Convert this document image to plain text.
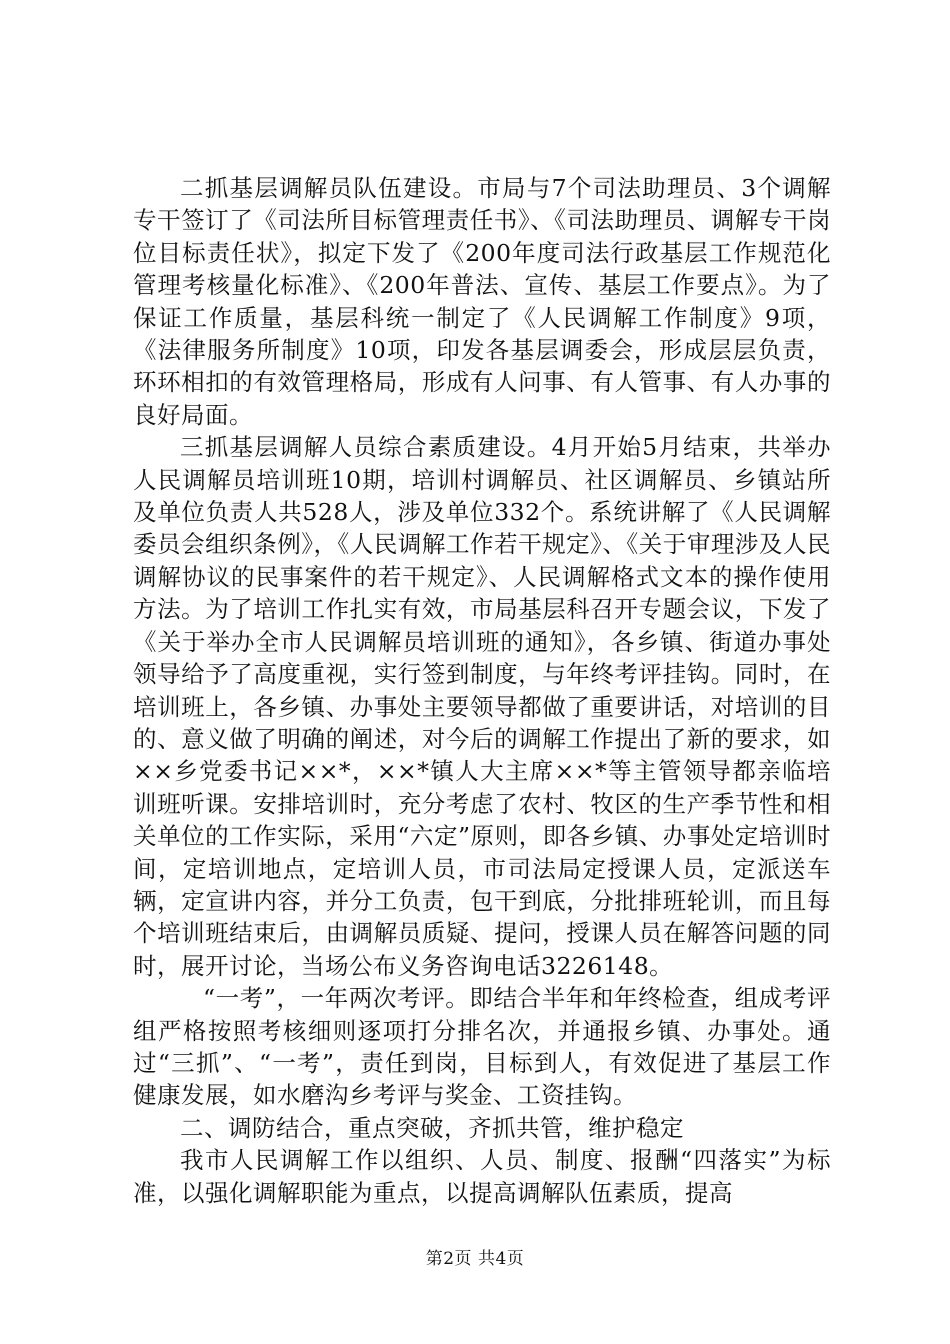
二抓基层调解员队伍建设。市局与7个司法助理员、3个调解专干签订了《司法所目标管理责任书》、《司法助理员、调解专干岗位目标责任状》，拟定下发了《200年度司法行政基层工作规范化管理考核量化标准》、《200年普法、宣传、基层工作要点》。为了保证工作质量，基层科统一制定了《人民调解工作制度》9项，《法律服务所制度》10项，印发各基层调委会，形成层层负责，环环相扣的有效管理格局，形成有人问事、有人管事、有人办事的良好局面。

三抓基层调解人员综合素质建设。4月开始5月结束，共举办人民调解员培训班10期，培训村调解员、社区调解员、乡镇站所及单位负责人共528人，涉及单位332个。系统讲解了《人民调解委员会组织条例》，《人民调解工作若干规定》、《关于审理涉及人民调解协议的民事案件的若干规定》、人民调解格式文本的操作使用方法。为了培训工作扎实有效，市局基层科召开专题会议，下发了《关于举办全市人民调解员培训班的通知》，各乡镇、街道办事处领导给予了高度重视，实行签到制度，与年终考评挂钩。同时，在培训班上，各乡镇、办事处主要领导都做了重要讲话，对培训的目的、意义做了明确的阐述，对今后的调解工作提出了新的要求，如××乡党委书记××*，××*镇人大主席××*等主管领导都亲临培训班听课。安排培训时，充分考虑了农村、牧区的生产季节性和相关单位的工作实际，采用“六定”原则，即各乡镇、办事处定培训时间，定培训地点，定培训人员，市司法局定授课人员，定派送车辆，定宣讲内容，并分工负责，包干到底，分批排班轮训，而且每个培训班结束后，由调解员质疑、提问，授课人员在解答问题的同时，展开讨论，当场公布义务咨询电话3226148。

“一考”，一年两次考评。即结合半年和年终检查，组成考评组严格按照考核细则逐项打分排名次，并通报乡镇、办事处。通过“三抓”、“一考”，责任到岗，目标到人，有效促进了基层工作健康发展，如水磨沟乡考评与奖金、工资挂钩。

二、调防结合，重点突破，齐抓共管，维护稳定

我市人民调解工作以组织、人员、制度、报酬“四落实”为标准，以强化调解职能为重点，以提高调解队伍素质，提高

第2页 共4页
